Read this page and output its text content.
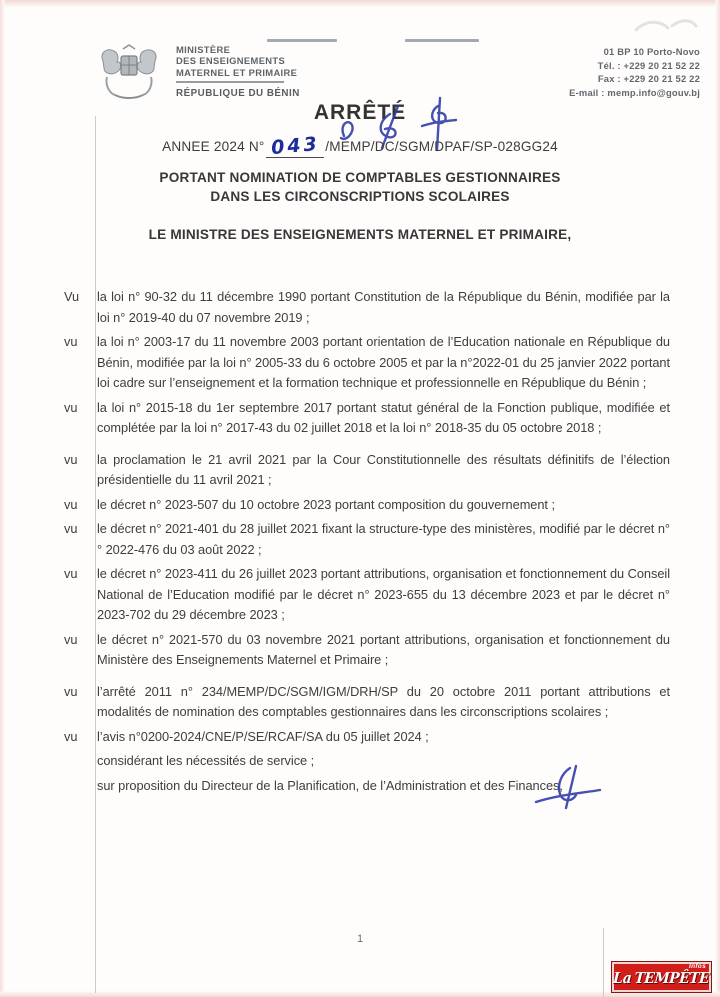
MINISTÈRE
DES ENSEIGNEMENTS
MATERNEL ET PRIMAIRE
RÉPUBLIQUE DU BÉNIN
01 BP 10 Porto-Novo
Tél. : +229 20 21 52 22
Fax : +229 20 21 52 22
E-mail : memp.info@gouv.bj
ARRÊTÉ
ANNEE 2024 N° 043 /MEMP/DC/SGM/DPAF/SP-028GG24
PORTANT NOMINATION DE COMPTABLES GESTIONNAIRES
DANS LES CIRCONSCRIPTIONS SCOLAIRES
LE MINISTRE DES ENSEIGNEMENTS MATERNEL ET PRIMAIRE,
Vu	la loi n° 90-32 du 11 décembre 1990 portant Constitution de la République du Bénin, modifiée par la loi n° 2019-40 du 07 novembre 2019 ;

vu	la loi n° 2003-17 du 11 novembre 2003 portant orientation de l’Education nationale en République du Bénin, modifiée par la loi n° 2005-33 du 6 octobre 2005 et par la n°2022-01 du 25 janvier 2022 portant loi cadre sur l’enseignement et la formation technique et professionnelle en République du Bénin ;

vu	la loi n° 2015-18 du 1er septembre 2017 portant statut général de la Fonction publique, modifiée et complétée par la loi n° 2017-43 du 02 juillet 2018 et la loi n° 2018-35 du 05 octobre 2018 ;

vu	la proclamation le 21 avril 2021 par la Cour Constitutionnelle des résultats définitifs de l’élection présidentielle du 11 avril 2021 ;

vu	le décret n° 2023-507 du 10 octobre 2023 portant composition du gouvernement ;

vu	le décret n° 2021-401 du 28 juillet 2021 fixant la structure-type des ministères, modifié par le décret n°° 2022-476 du 03 août 2022 ;

vu	le décret n° 2023-411 du 26 juillet 2023 portant attributions, organisation et fonctionnement du Conseil National de l’Education modifié par le décret n° 2023-655 du 13 décembre 2023 et par le décret n° 2023-702 du 29 décembre 2023 ;

vu	le décret n° 2021-570 du 03 novembre 2021 portant attributions, organisation et fonctionnement du Ministère des Enseignements Maternel et Primaire ;

vu	l’arrêté 2011 n° 234/MEMP/DC/SGM/IGM/DRH/SP du 20 octobre 2011 portant attributions et modalités de nomination des comptables gestionnaires dans les circonscriptions scolaires ;

vu	l’avis n°0200-2024/CNE/P/SE/RCAF/SA du 05 juillet 2024 ;

considérant les nécessités de service ;

sur proposition du Directeur de la Planification, de l’Administration et des Finances,

1
Infos
La TEMPÊTE
